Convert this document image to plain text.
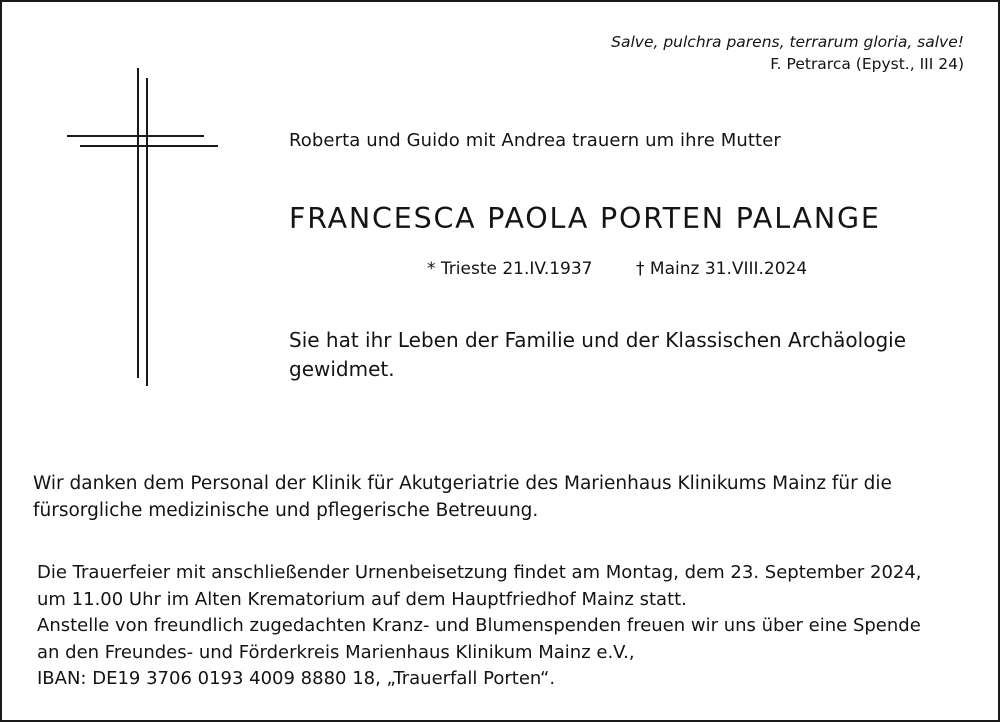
Salve, pulchra parens, terrarum gloria, salve!
F. Petrarca (Epyst., III 24)
Roberta und Guido mit Andrea trauern um ihre Mutter
FRANCESCA PAOLA PORTEN PALANGE
* Trieste 21.IV.1937	† Mainz 31.VIII.2024
Sie hat ihr Leben der Familie und der Klassischen Archäologie gewidmet.
Wir danken dem Personal der Klinik für Akutgeriatrie des Marienhaus Klinikums Mainz für die fürsorgliche medizinische und pflegerische Betreuung.
Die Trauerfeier mit anschließender Urnenbeisetzung findet am Montag, dem 23. September 2024,
um 11.00 Uhr im Alten Krematorium auf dem Hauptfriedhof Mainz statt.
Anstelle von freundlich zugedachten Kranz- und Blumenspenden freuen wir uns über eine Spende
an den Freundes- und Förderkreis Marienhaus Klinikum Mainz e.V.,
IBAN: DE19 3706 0193 4009 8880 18, „Trauerfall Porten“.
